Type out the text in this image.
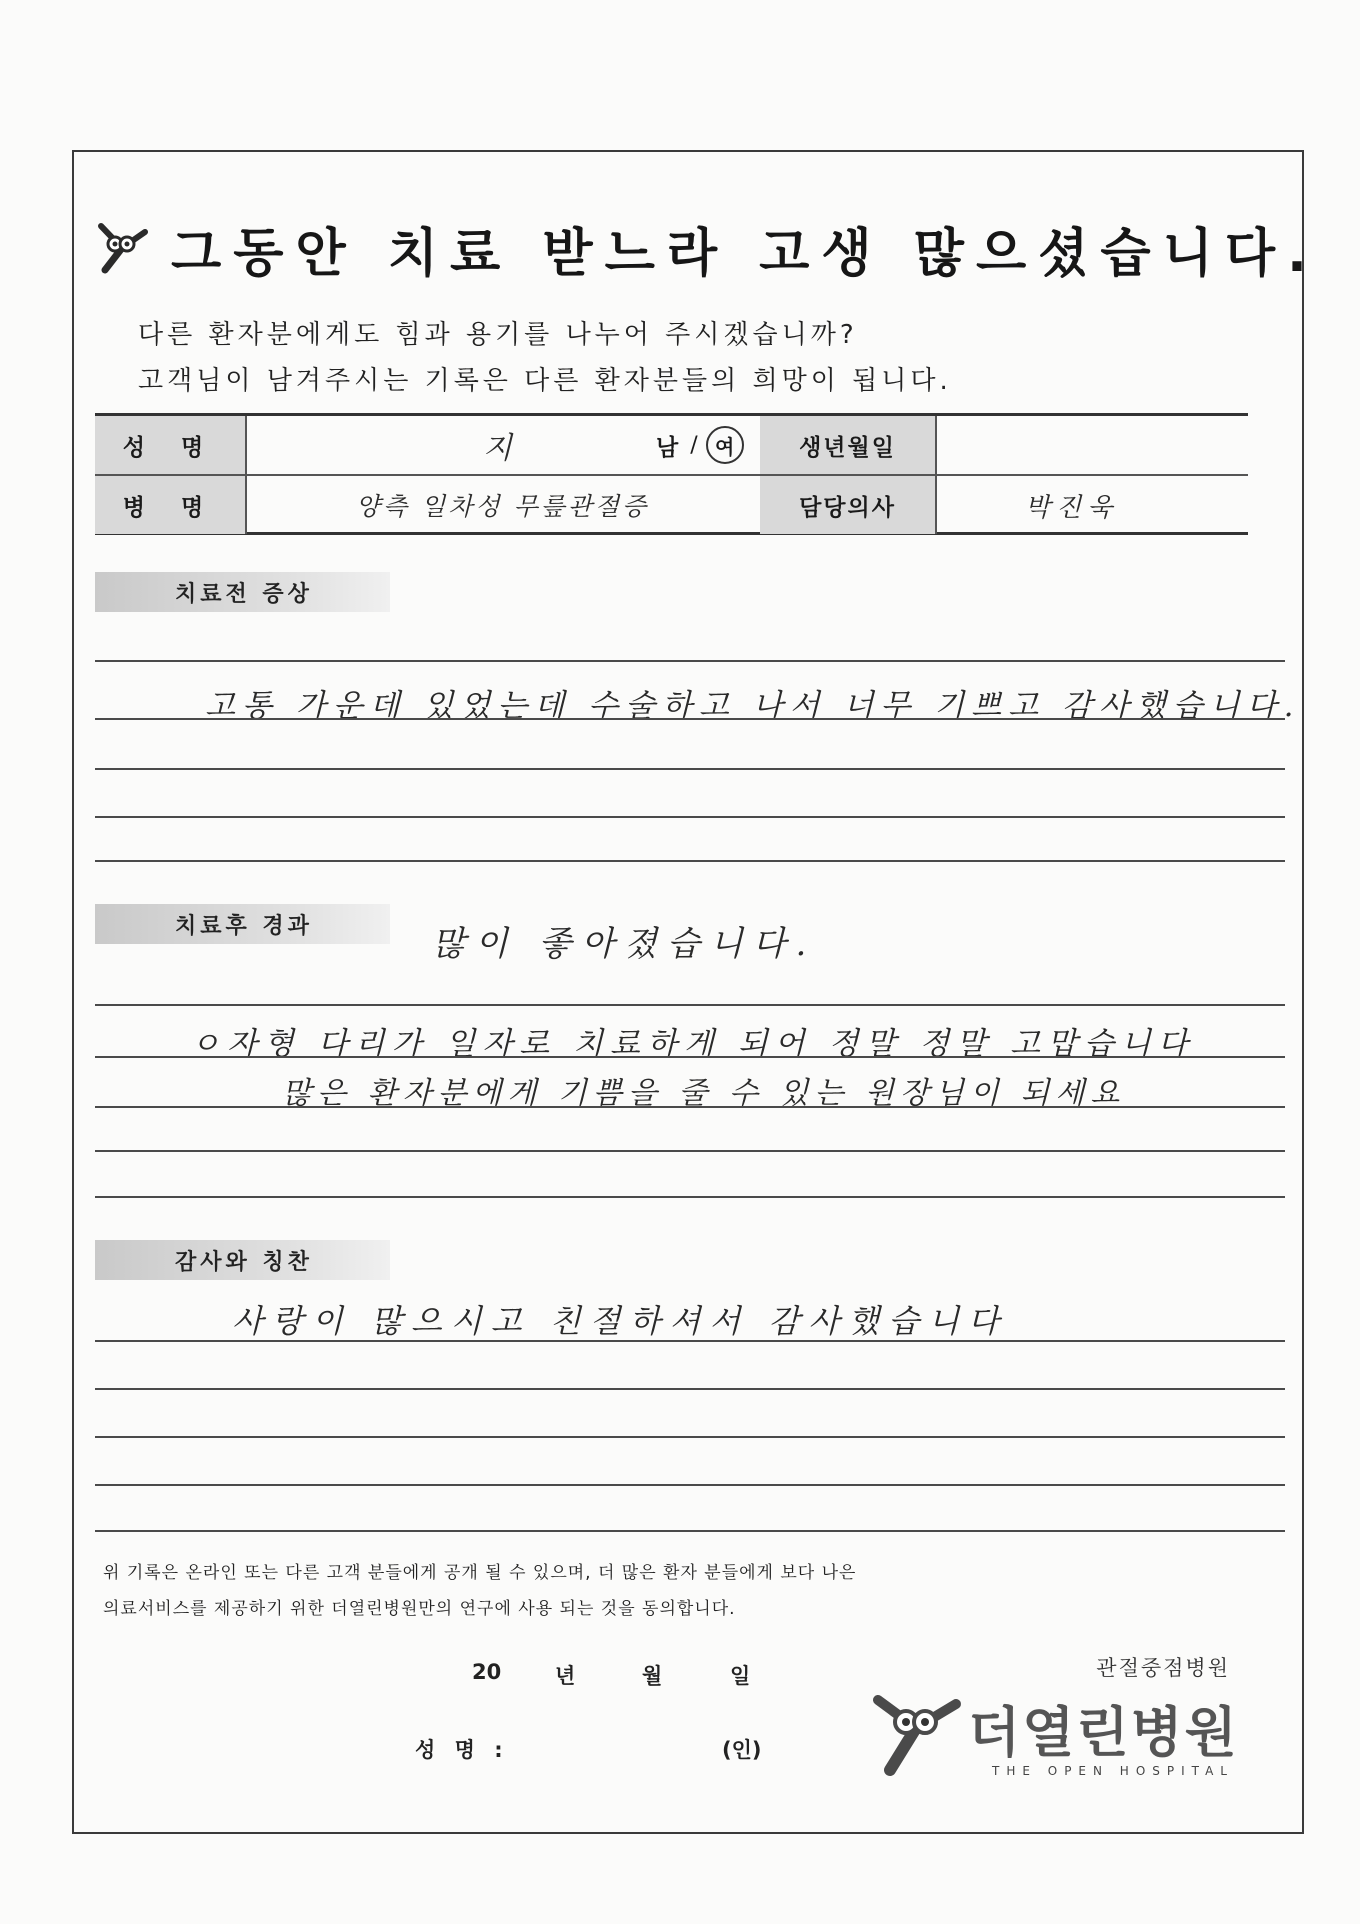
그동안 치료 받느라 고생 많으셨습니다.
다른 환자분에게도 힘과 용기를 나누어 주시겠습니까?
고객님이 남겨주시는 기록은 다른 환자분들의 희망이 됩니다.
성 명	지	남 / 여	생년월일
병 명	양측 일차성 무릎관절증	담당의사	박진욱
치료전 증상
고통 가운데 있었는데 수술하고 나서 너무 기쁘고 감사했습니다.
치료후 경과	많이 좋아졌습니다.
ㅇ자형 다리가 일자로 치료하게 되어 정말 정말 고맙습니다
많은 환자분에게 기쁨을 줄 수 있는 원장님이 되세요
감사와 칭찬
사랑이 많으시고 친절하셔서 감사했습니다
위 기록은 온라인 또는 다른 고객 분들에게 공개 될 수 있으며, 더 많은 환자 분들에게 보다 나은
의료서비스를 제공하기 위한 더열린병원만의 연구에 사용 되는 것을 동의합니다.
20	년	월	일
성 명 :	(인)
관절중점병원
더열린병원
THE OPEN HOSPITAL
